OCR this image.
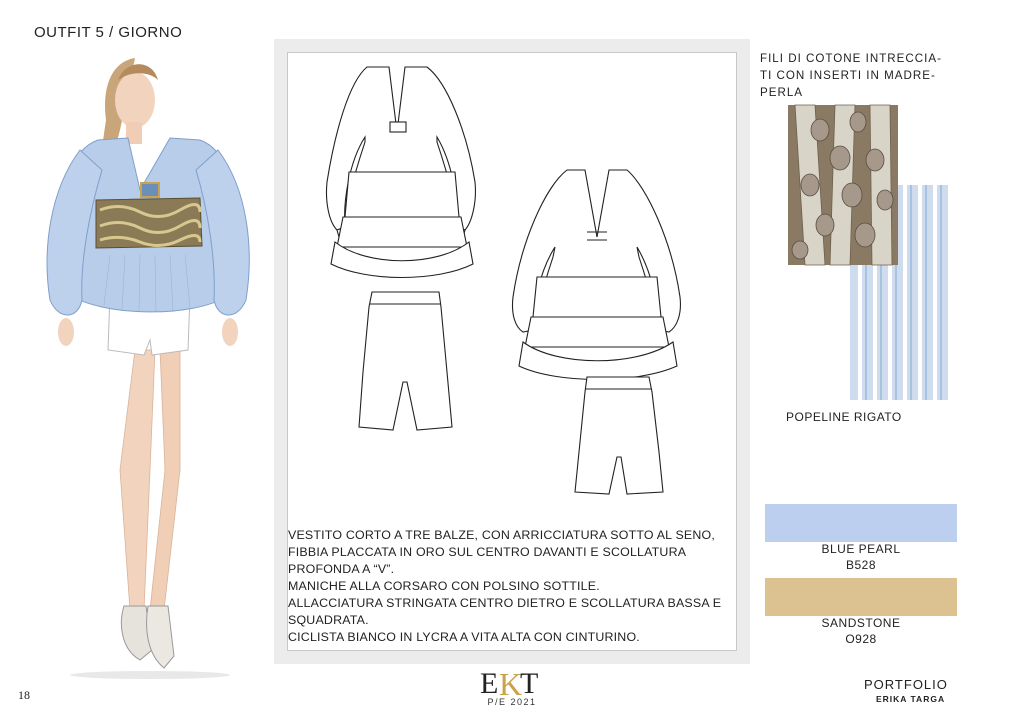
OUTFIT 5 / GIORNO

VESTITO CORTO A TRE BALZE, CON ARRICCIATURA SOTTO AL SENO, FIBBIA PLACCATA IN ORO SUL CENTRO DAVANTI E SCOLLATURA PROFONDA A “V”.

MANICHE ALLA CORSARO CON POLSINO SOTTILE.

ALLACCIATURA STRINGATA CENTRO DIETRO E SCOLLATURA BASSA E SQUADRATA.

CICLISTA BIANCO IN LYCRA A VITA ALTA CON CINTURINO.

FILI DI COTONE INTRECCIA-
TI CON INSERTI IN MADRE-
PERLA
POPELINE RIGATO
BLUE PEARL
B528
SANDSTONE
O928
18	E K
T
P/E 2021
PORTFOLIO
ERIKA TARGA
